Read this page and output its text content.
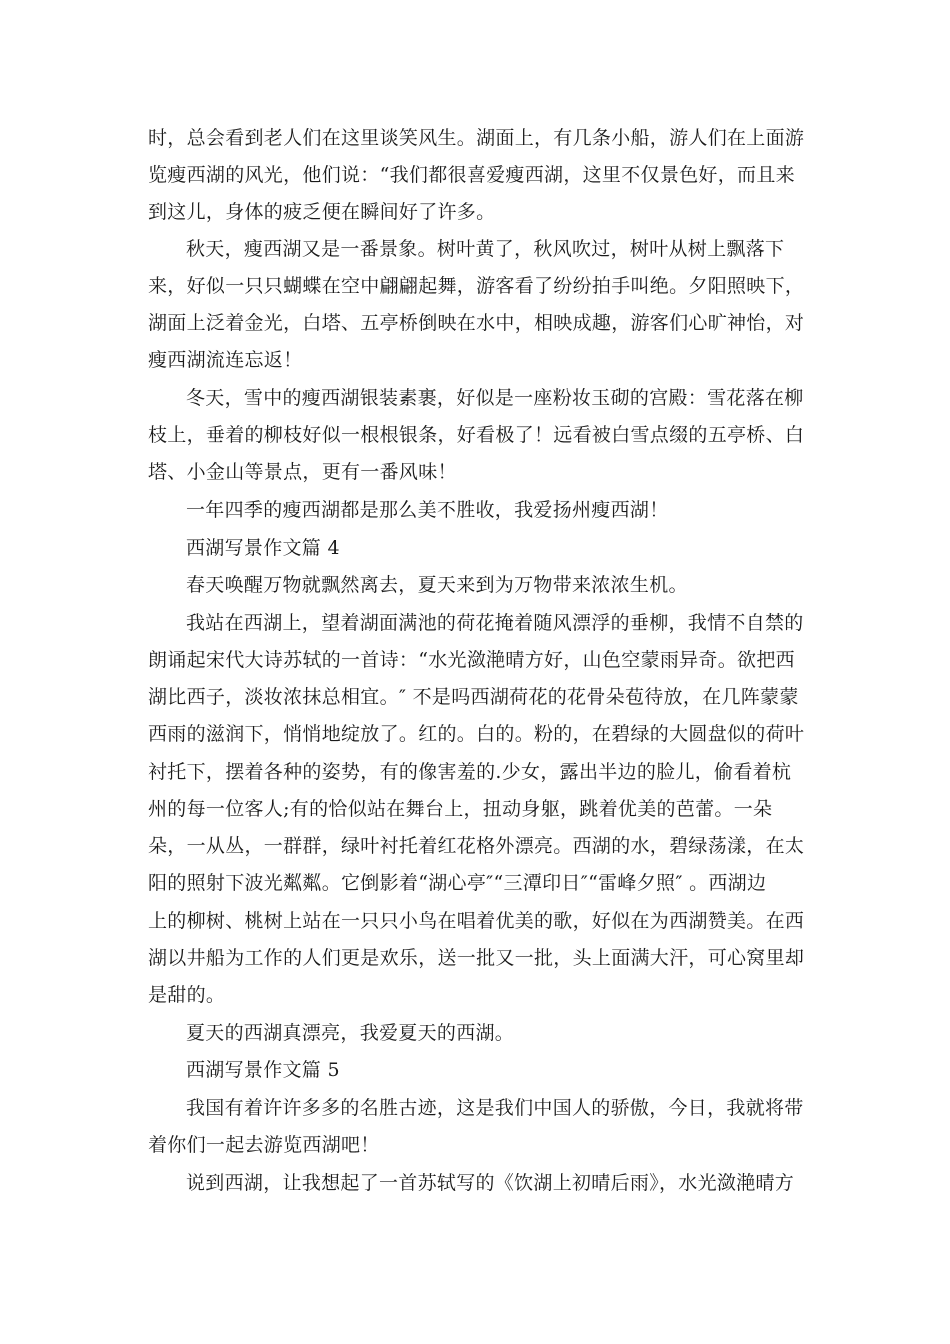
时，总会看到老人们在这里谈笑风生。湖面上，有几条小船，游人们在上面游
览瘦西湖的风光，他们说：“我们都很喜爱瘦西湖，这里不仅景色好，而且来
到这儿，身体的疲乏便在瞬间好了许多。
秋天，瘦西湖又是一番景象。树叶黄了，秋风吹过，树叶从树上飘落下
来，好似一只只蝴蝶在空中翩翩起舞，游客看了纷纷拍手叫绝。夕阳照映下，
湖面上泛着金光，白塔、五亭桥倒映在水中，相映成趣，游客们心旷神怡，对
瘦西湖流连忘返！
冬天，雪中的瘦西湖银装素裹，好似是一座粉妆玉砌的宫殿：雪花落在柳
枝上，垂着的柳枝好似一根根银条，好看极了！远看被白雪点缀的五亭桥、白
塔、小金山等景点，更有一番风味！
一年四季的瘦西湖都是那么美不胜收，我爱扬州瘦西湖！
西湖写景作文篇 4
春天唤醒万物就飘然离去，夏天来到为万物带来浓浓生机。
我站在西湖上，望着湖面满池的荷花掩着随风漂浮的垂柳，我情不自禁的
朗诵起宋代大诗苏轼的一首诗：“水光潋滟晴方好，山色空蒙雨异奇。欲把西
湖比西子，淡妆浓抹总相宜。″ 不是吗西湖荷花的花骨朵苞待放，在几阵蒙蒙
西雨的滋润下，悄悄地绽放了。红的。白的。粉的，在碧绿的大圆盘似的荷叶
衬托下，摆着各种的姿势，有的像害羞的.少女，露出半边的脸儿，偷看着杭
州的每一位客人;有的恰似站在舞台上，扭动身躯，跳着优美的芭蕾。一朵
朵，一从丛，一群群，绿叶衬托着红花格外漂亮。西湖的水，碧绿荡漾，在太
阳的照射下波光粼粼。它倒影着“湖心亭″“三潭印日″“雷峰夕照″ 。西湖边
上的柳树、桃树上站在一只只小鸟在唱着优美的歌，好似在为西湖赞美。在西
湖以井船为工作的人们更是欢乐，送一批又一批，头上面满大汗，可心窝里却
是甜的。
夏天的西湖真漂亮，我爱夏天的西湖。
西湖写景作文篇 5
我国有着许许多多的名胜古迹，这是我们中国人的骄傲，今日，我就将带
着你们一起去游览西湖吧！
说到西湖，让我想起了一首苏轼写的《饮湖上初晴后雨》，水光潋滟晴方
